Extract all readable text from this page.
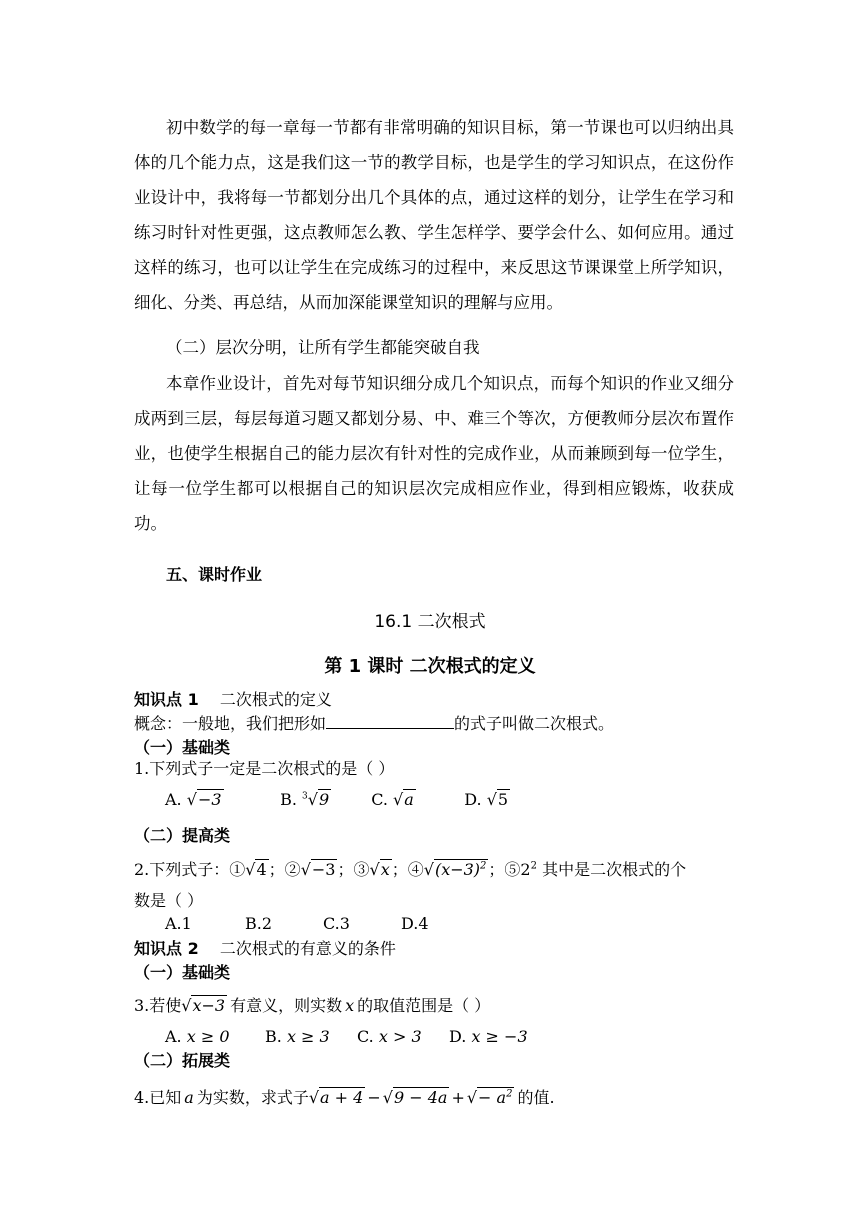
初中数学的每一章每一节都有非常明确的知识目标，第一节课也可以归纳出具体的几个能力点，这是我们这一节的教学目标，也是学生的学习知识点，在这份作业设计中，我将每一节都划分出几个具体的点，通过这样的划分，让学生在学习和练习时针对性更强，这点教师怎么教、学生怎样学、要学会什么、如何应用。通过这样的练习，也可以让学生在完成练习的过程中，来反思这节课课堂上所学知识，细化、分类、再总结，从而加深能课堂知识的理解与应用。
（二）层次分明，让所有学生都能突破自我
本章作业设计，首先对每节知识细分成几个知识点，而每个知识的作业又细分成两到三层，每层每道习题又都划分易、中、难三个等次，方便教师分层次布置作业，也使学生根据自己的能力层次有针对性的完成作业，从而兼顾到每一位学生，让每一位学生都可以根据自己的知识层次完成相应作业，得到相应锻炼，收获成功。
五、课时作业
16.1 二次根式
第 1 课时 二次根式的定义
知识点 1 二次根式的定义
概念：一般地，我们把形如	的式子叫做二次根式。
（一）基础类
1.下列式子一定是二次根式的是（ ）
A. √−3	B. $^3$√9	C. √a	D. √5
（二）提高类
2.下列式子：①√4 ；②√−3 ；③√x ；$④√(x-3)^2$ ；$⑤2^2$ 其中是二次根式的个
数是（ ）
A.1	B.2	C.3	D.4
知识点 2 二次根式的有意义的条件
（一）基础类
3.若使√x−3 有意义，则实数 x 的取值范围是（ ）
A. x ≥ 0 B. x ≥ 3 C. x > 3 D. x ≥ −3
（二）拓展类
4.已知 a 为实数，求式子√a + 4 − √9 − 4a + √− $a^2$ 的值.
